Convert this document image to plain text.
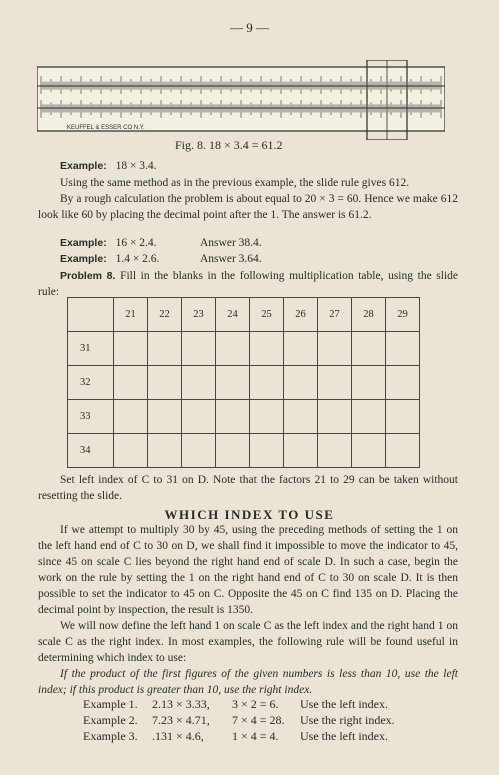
— 9 —
KEUFFEL & ESSER CO N.Y.
Fig. 8. 18 × 3.4 = 61.2
Example: 18 × 3.4.
Using the same method as in the previous example, the slide rule gives 612.
By a rough calculation the problem is about equal to 20 × 3 = 60. Hence we make 612 look like 60 by placing the decimal point after the 1. The answer is 61.2.
Example: 16 × 2.4.	Answer 38.4.
Example: 1.4 × 2.6.	Answer 3.64.
Problem 8. Fill in the blanks in the following multiplication table, using the slide rule:
	21	22	23	24	25	26	27	28	29
31									
32									
33									
34									
Set left index of C to 31 on D. Note that the factors 21 to 29 can be taken without resetting the slide.
WHICH INDEX TO USE
If we attempt to multiply 30 by 45, using the preceding methods of setting the 1 on the left hand end of C to 30 on D, we shall find it impossible to move the indicator to 45, since 45 on scale C lies beyond the right hand end of scale D. In such a case, begin the work on the rule by setting the 1 on the right hand end of C to 30 on scale D. It is then possible to set the indicator to 45 on C. Opposite the 45 on C find 135 on D. Placing the decimal point by inspection, the result is 1350.
We will now define the left hand 1 on scale C as the left index and the right hand 1 on scale C as the right index. In most examples, the following rule will be found useful in determining which index to use:
If the product of the first figures of the given numbers is less than 10, use the left index; if this product is greater than 10, use the right index.
Example 1. 2.13 × 3.33, 3 × 2 = 6. Use the left index.
Example 2. 7.23 × 4.71, 7 × 4 = 28. Use the right index.
Example 3. .131 × 4.6, 1 × 4 = 4. Use the left index.
